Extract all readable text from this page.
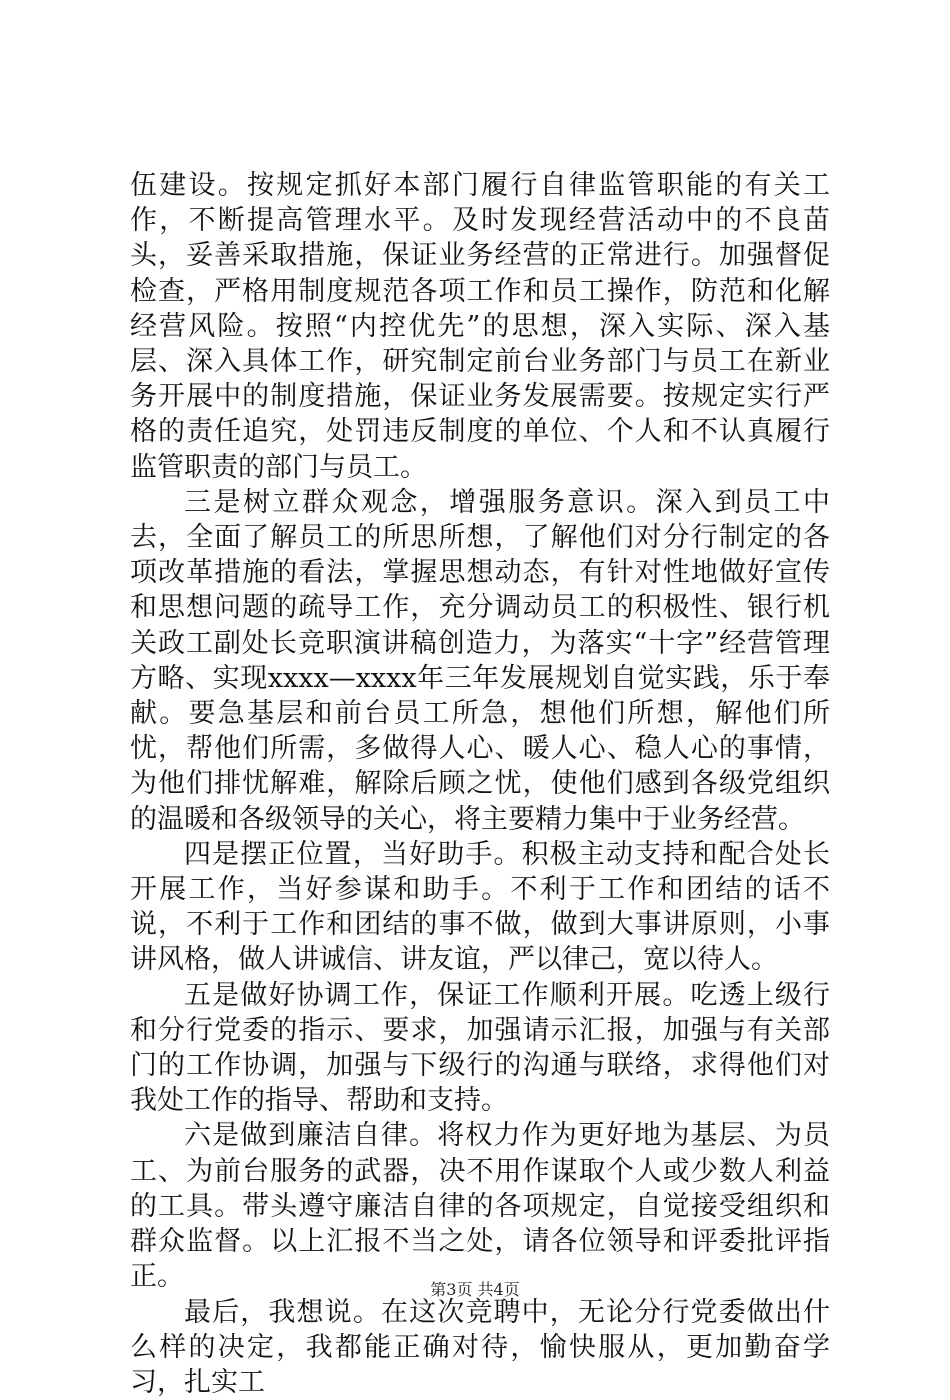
伍建设。按规定抓好本部门履行自律监管职能的有关工作，不断提高管理水平。及时发现经营活动中的不良苗头，妥善采取措施，保证业务经营的正常进行。加强督促检查，严格用制度规范各项工作和员工操作，防范和化解经营风险。按照“内控优先”的思想，深入实际、深入基层、深入具体工作，研究制定前台业务部门与员工在新业务开展中的制度措施，保证业务发展需要。按规定实行严格的责任追究，处罚违反制度的单位、个人和不认真履行监管职责的部门与员工。

三是树立群众观念，增强服务意识。深入到员工中去，全面了解员工的所思所想，了解他们对分行制定的各项改革措施的看法，掌握思想动态，有针对性地做好宣传和思想问题的疏导工作，充分调动员工的积极性、银行机关政工副处长竞职演讲稿创造力，为落实“十字”经营管理方略、实现xxxx—xxxx年三年发展规划自觉实践，乐于奉献。要急基层和前台员工所急，想他们所想，解他们所忧，帮他们所需，多做得人心、暖人心、稳人心的事情，为他们排忧解难，解除后顾之忧，使他们感到各级党组织的温暖和各级领导的关心，将主要精力集中于业务经营。

四是摆正位置，当好助手。积极主动支持和配合处长开展工作，当好参谋和助手。不利于工作和团结的话不说，不利于工作和团结的事不做，做到大事讲原则，小事讲风格，做人讲诚信、讲友谊，严以律己，宽以待人。

五是做好协调工作，保证工作顺利开展。吃透上级行和分行党委的指示、要求，加强请示汇报，加强与有关部门的工作协调，加强与下级行的沟通与联络，求得他们对我处工作的指导、帮助和支持。

六是做到廉洁自律。将权力作为更好地为基层、为员工、为前台服务的武器，决不用作谋取个人或少数人利益的工具。带头遵守廉洁自律的各项规定，自觉接受组织和群众监督。以上汇报不当之处，请各位领导和评委批评指正。

最后，我想说。在这次竞聘中，无论分行党委做出什么样的决定，我都能正确对待，愉快服从，更加勤奋学习，扎实工

第3页 共4页
